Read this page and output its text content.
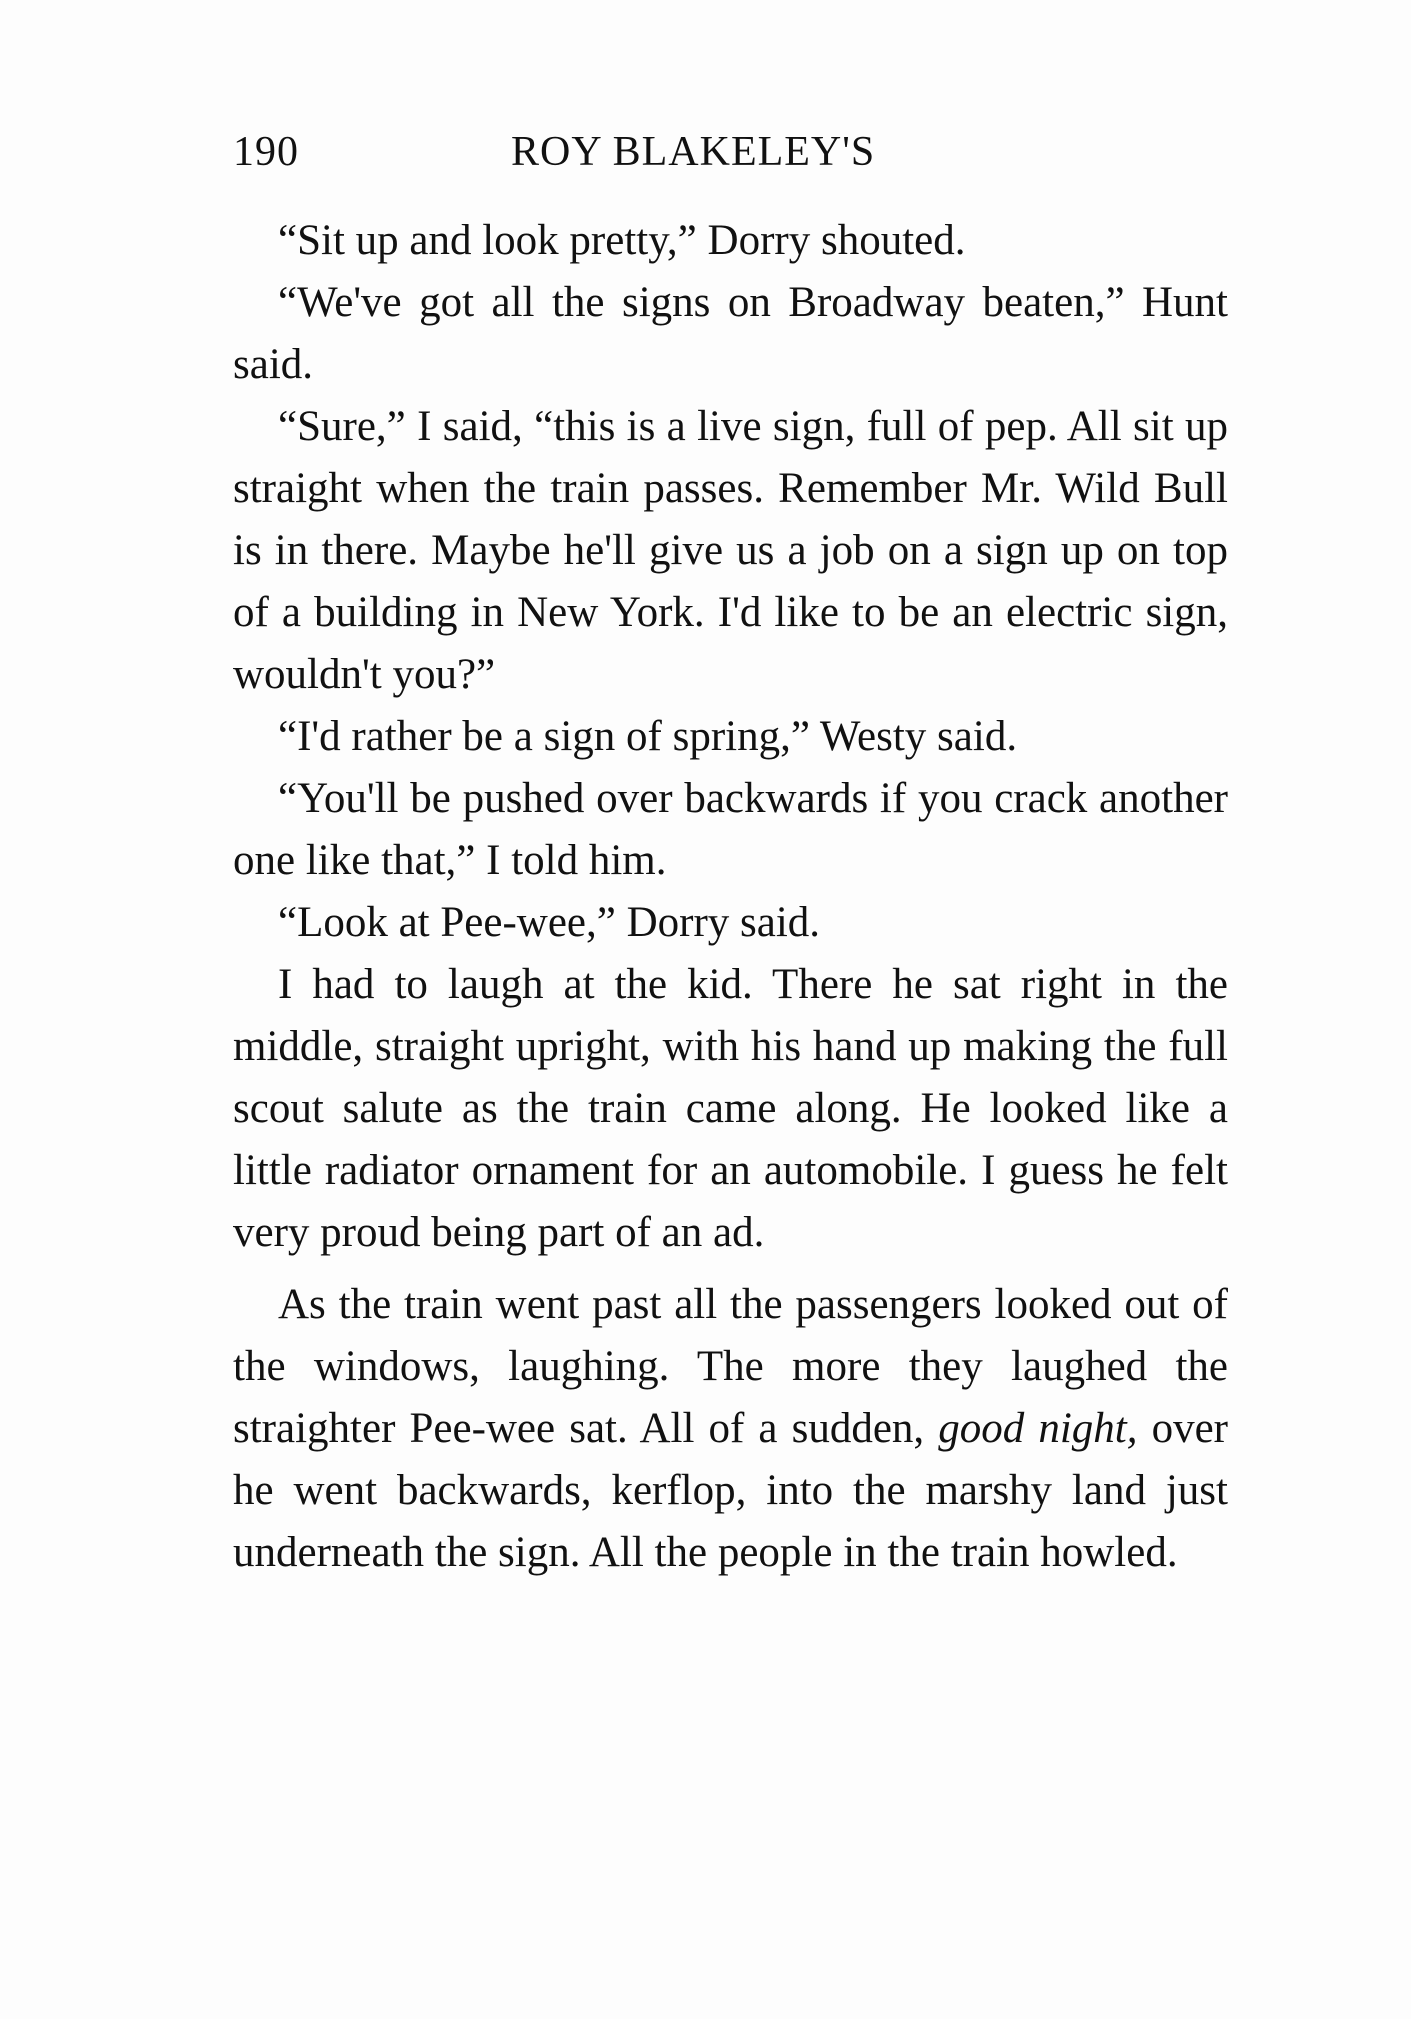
190	ROY BLAKELEY'S

“Sit up and look pretty,” Dorry shouted.

“We've got all the signs on Broadway beaten,” Hunt said.

“Sure,” I said, “this is a live sign, full of pep. All sit up straight when the train passes. Remember Mr. Wild Bull is in there. Maybe he'll give us a job on a sign up on top of a building in New York. I'd like to be an electric sign, wouldn't you?”

“I'd rather be a sign of spring,” Westy said.

“You'll be pushed over backwards if you crack another one like that,” I told him.

“Look at Pee-wee,” Dorry said.

I had to laugh at the kid. There he sat right in the middle, straight upright, with his hand up making the full scout salute as the train came along. He looked like a little radiator ornament for an automobile. I guess he felt very proud being part of an ad.

As the train went past all the passengers looked out of the windows, laughing. The more they laughed the straighter Pee-wee sat. All of a sudden, good night, over he went backwards, kerflop, into the marshy land just underneath the sign. All the people in the train howled.
